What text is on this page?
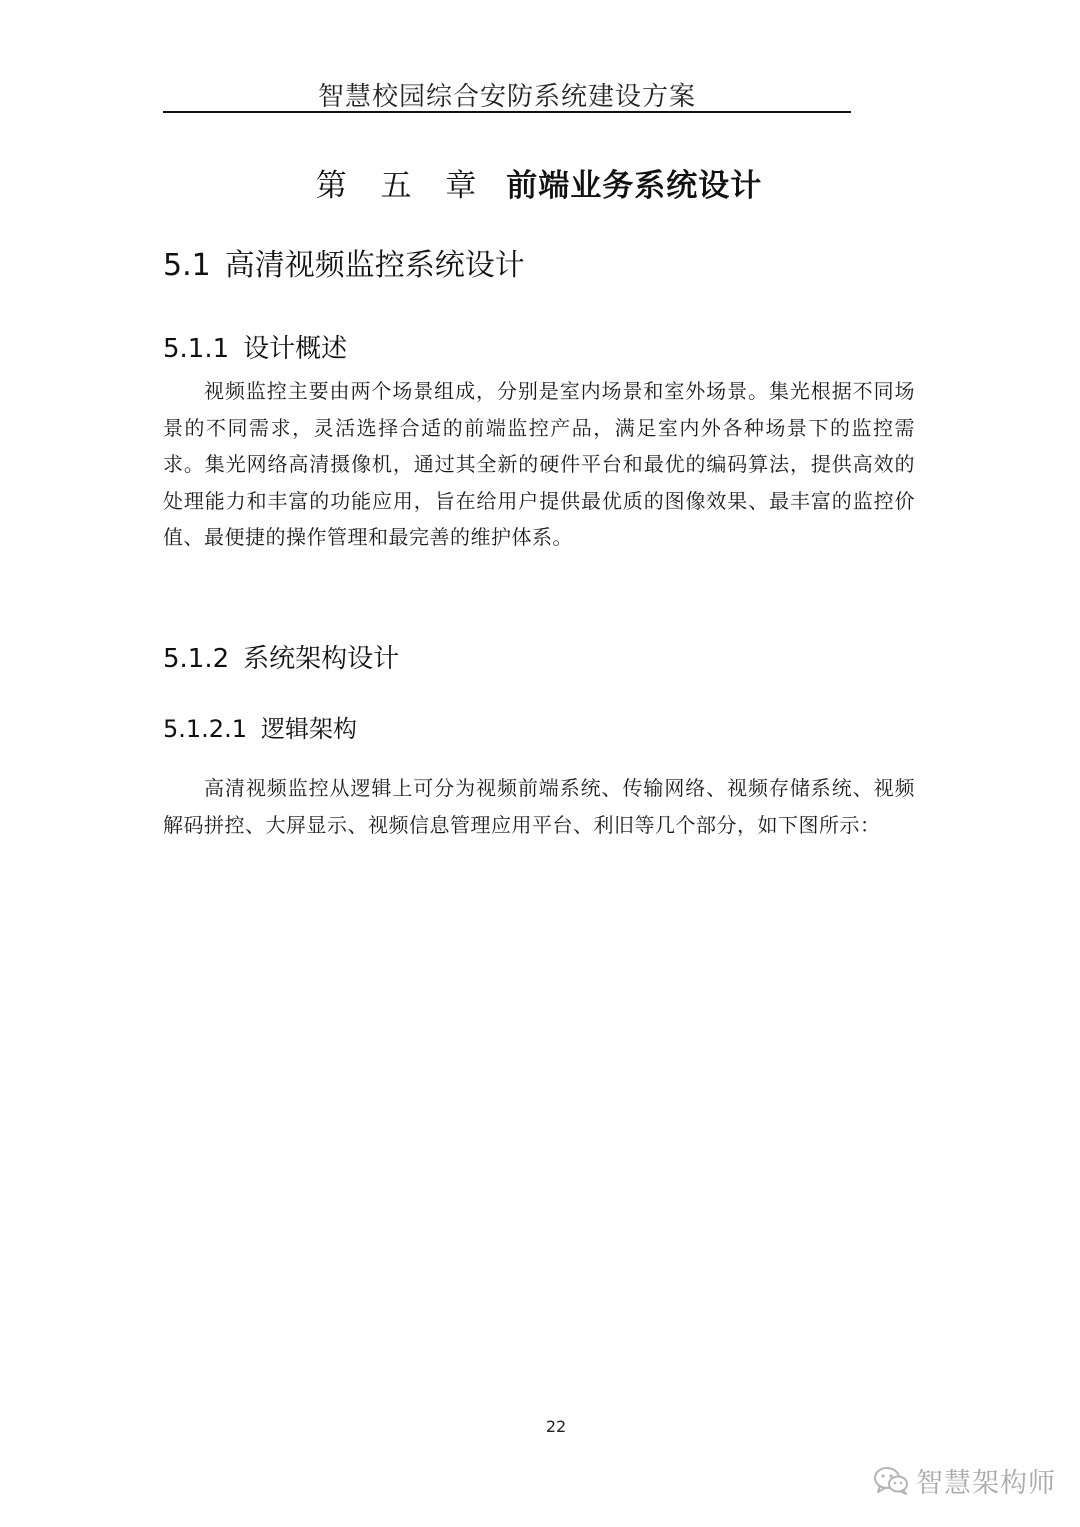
智慧校园综合安防系统建设方案
第 五 章 前端业务系统设计
5.1 高清视频监控系统设计
5.1.1 设计概述

视频监控主要由两个场景组成，分别是室内场景和室外场景。集光根据不同场景的不同需求，灵活选择合适的前端监控产品，满足室内外各种场景下的监控需求。集光网络高清摄像机，通过其全新的硬件平台和最优的编码算法，提供高效的处理能力和丰富的功能应用，旨在给用户提供最优质的图像效果、最丰富的监控价值、最便捷的操作管理和最完善的维护体系。

5.1.2 系统架构设计
5.1.2.1 逻辑架构

高清视频监控从逻辑上可分为视频前端系统、传输网络、视频存储系统、视频解码拼控、大屏显示、视频信息管理应用平台、利旧等几个部分，如下图所示：

22
智慧架构师
